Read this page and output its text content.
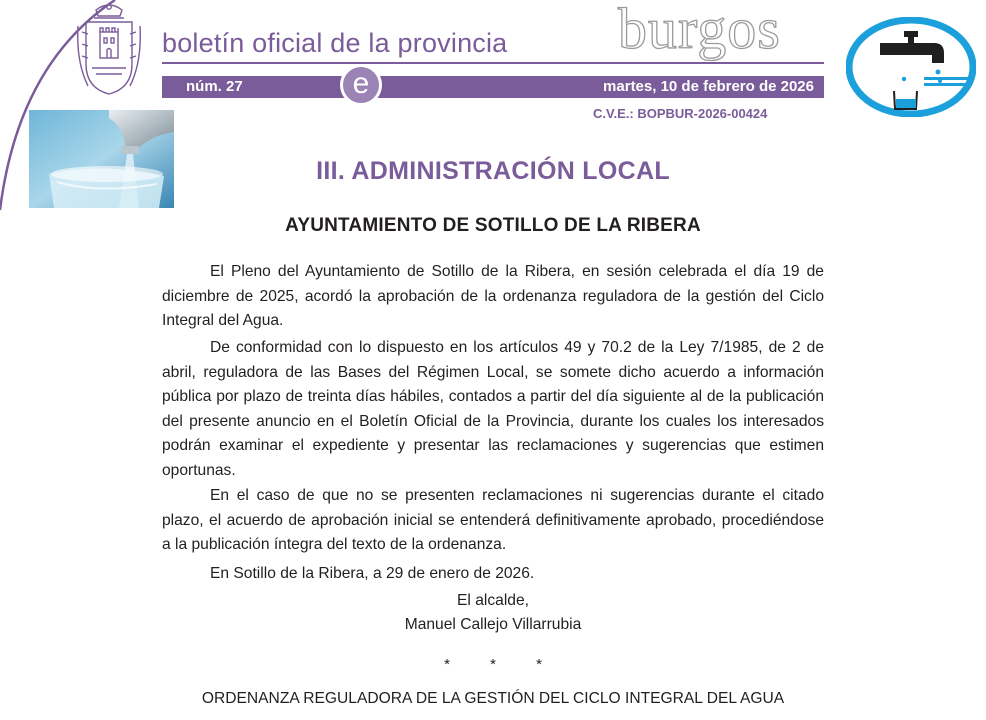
boletín oficial de la provincia burgos
núm. 27	martes, 10 de febrero de 2026
e
C.V.E.: BOPBUR-2026-00424
III. ADMINISTRACIÓN LOCAL
AYUNTAMIENTO DE SOTILLO DE LA RIBERA

El Pleno del Ayuntamiento de Sotillo de la Ribera, en sesión celebrada el día 19 de diciembre de 2025, acordó la aprobación de la ordenanza reguladora de la gestión del Ciclo Integral del Agua.

De conformidad con lo dispuesto en los artículos 49 y 70.2 de la Ley 7/1985, de 2 de abril, reguladora de las Bases del Régimen Local, se somete dicho acuerdo a información pública por plazo de treinta días hábiles, contados a partir del día siguiente al de la publicación del presente anuncio en el Boletín Oficial de la Provincia, durante los cuales los interesados podrán examinar el expediente y presentar las reclamaciones y sugerencias que estimen oportunas.

En el caso de que no se presenten reclamaciones ni sugerencias durante el citado plazo, el acuerdo de aprobación inicial se entenderá definitivamente aprobado, procediéndose a la publicación íntegra del texto de la ordenanza.

En Sotillo de la Ribera, a 29 de enero de 2026.
El alcalde,
Manuel Callejo Villarrubia
* * *
ORDENANZA REGULADORA DE LA GESTIÓN DEL CICLO INTEGRAL DEL AGUA
